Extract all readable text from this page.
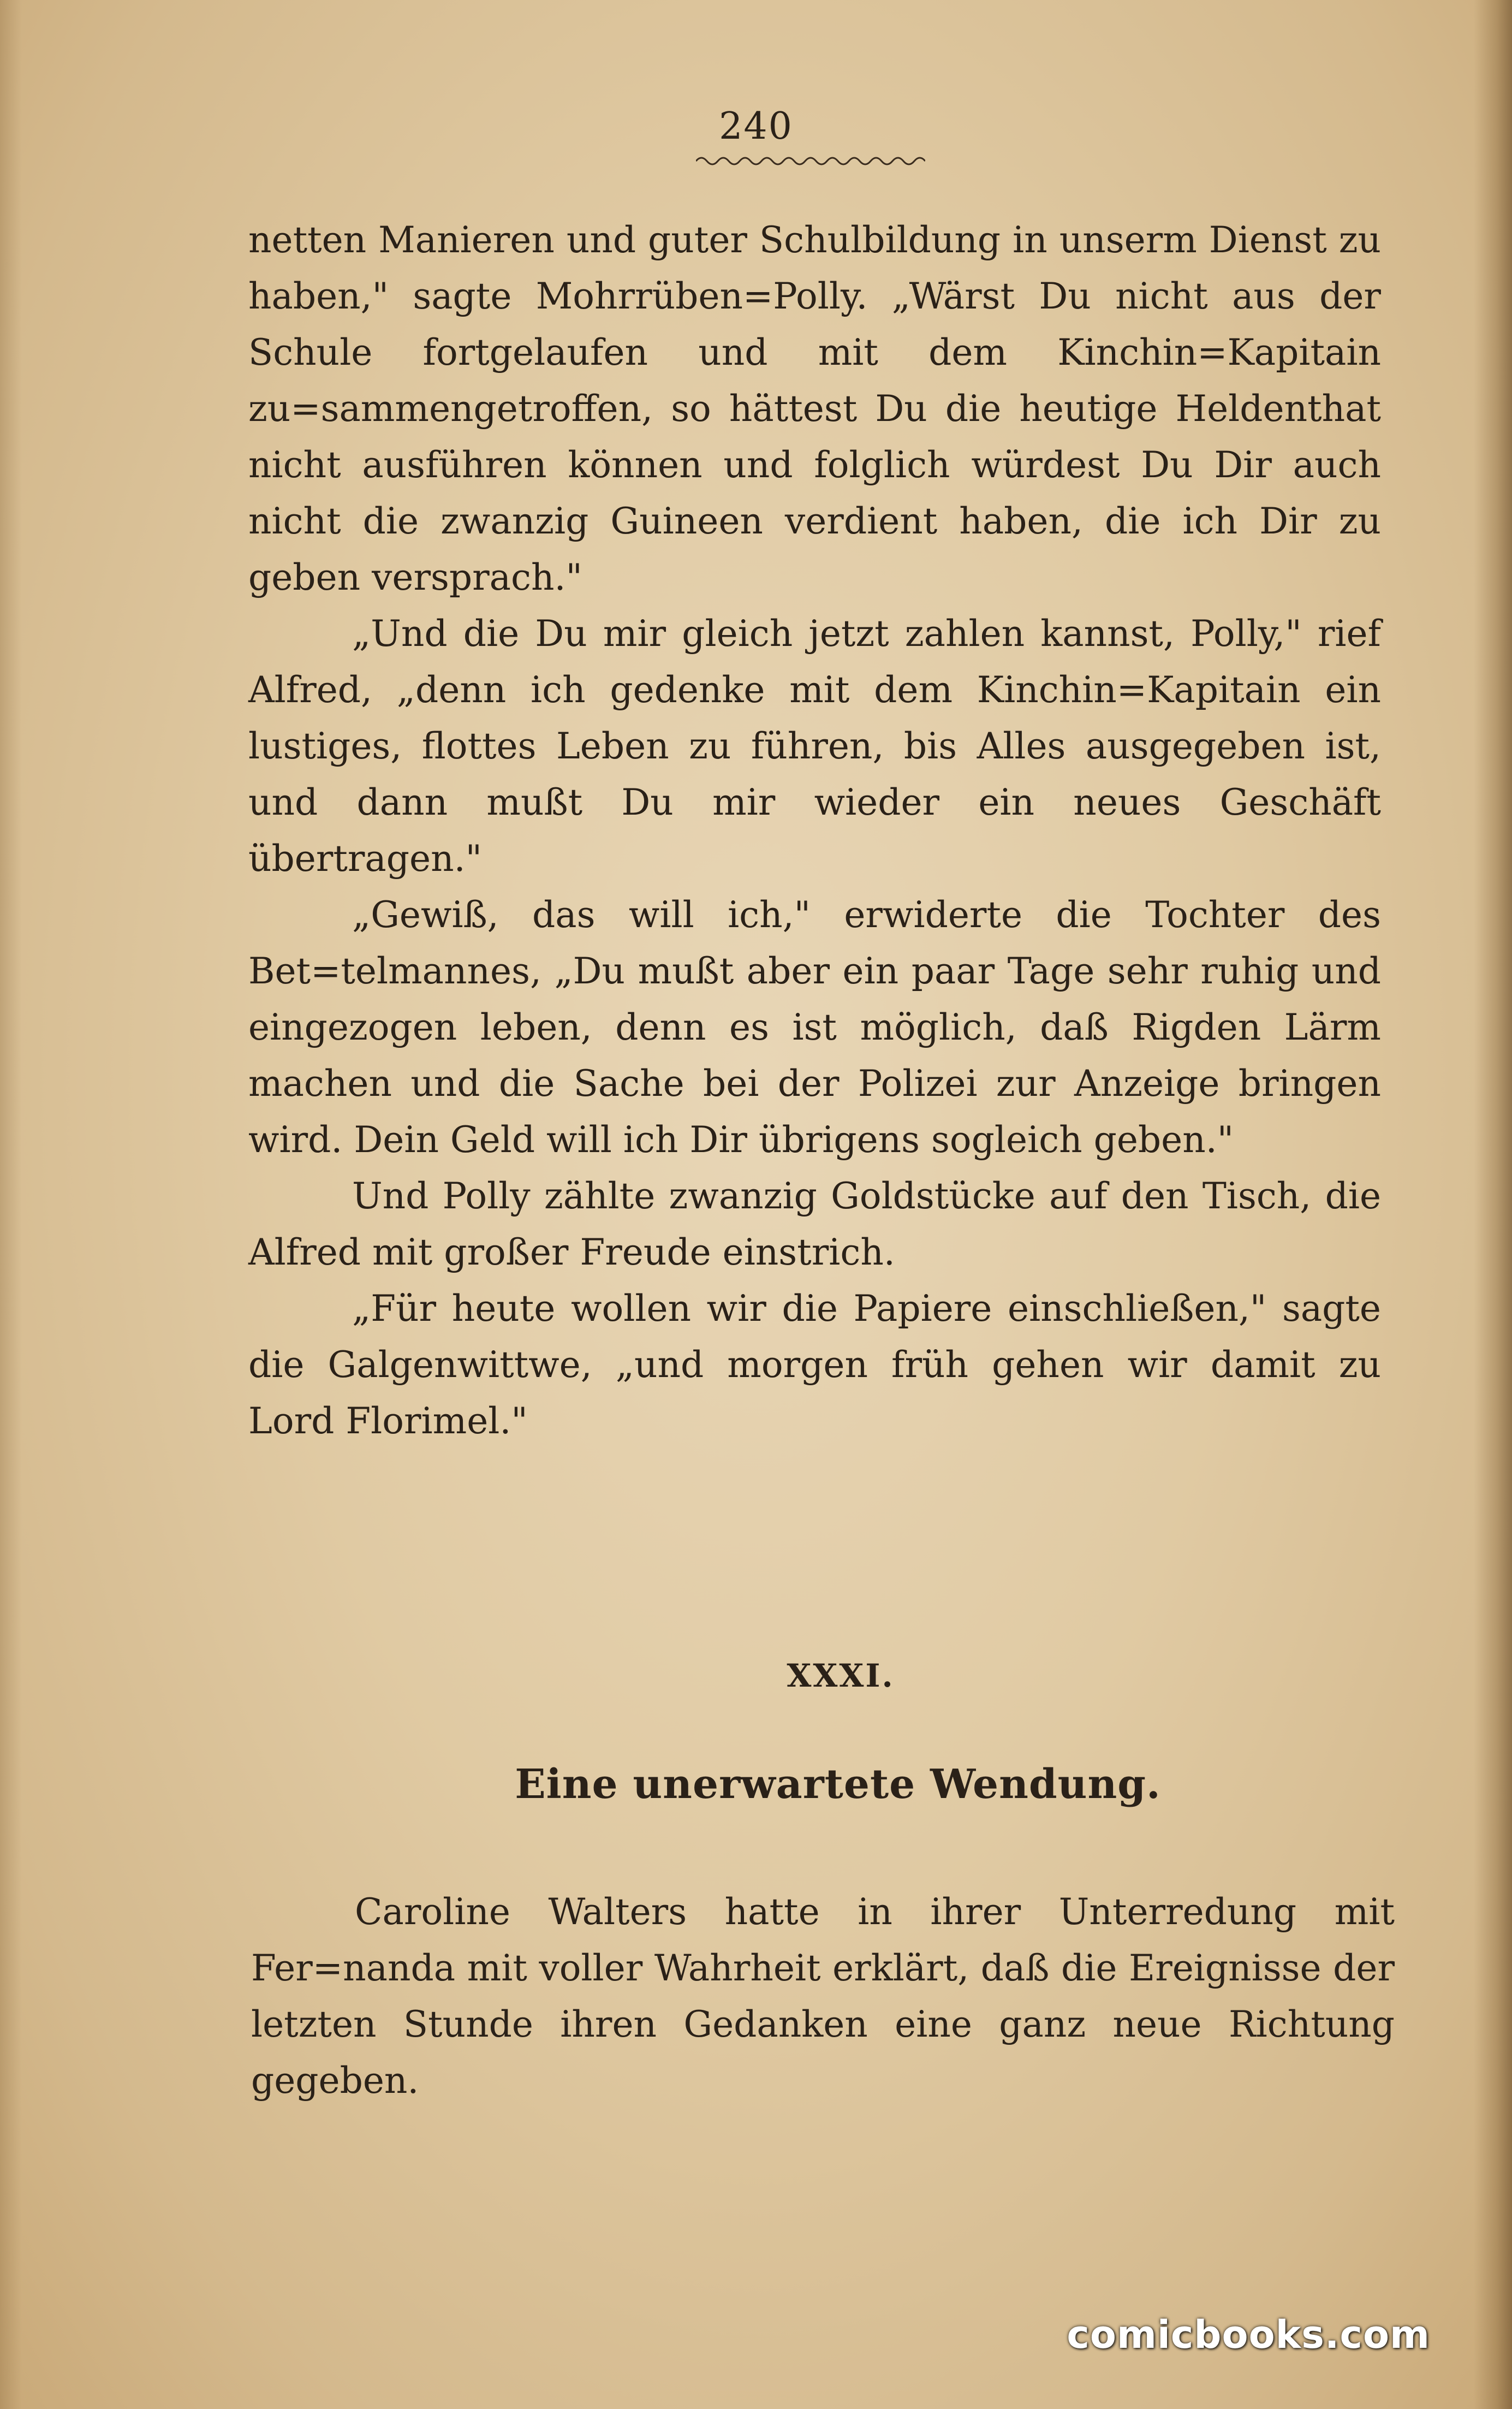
240

netten Manieren und guter Schulbildung in unserm Dienst zu haben," sagte Mohrrüben=Polly. „Wärst Du nicht aus der Schule fortgelaufen und mit dem Kinchin=Kapitain zu=sammengetroffen, so hättest Du die heutige Heldenthat nicht ausführen können und folglich würdest Du Dir auch nicht die zwanzig Guineen verdient haben, die ich Dir zu geben versprach."

„Und die Du mir gleich jetzt zahlen kannst, Polly," rief Alfred, „denn ich gedenke mit dem Kinchin=Kapitain ein lustiges, flottes Leben zu führen, bis Alles ausgegeben ist, und dann mußt Du mir wieder ein neues Geschäft übertragen."

„Gewiß, das will ich," erwiderte die Tochter des Bet=telmannes, „Du mußt aber ein paar Tage sehr ruhig und eingezogen leben, denn es ist möglich, daß Rigden Lärm machen und die Sache bei der Polizei zur Anzeige bringen wird. Dein Geld will ich Dir übrigens sogleich geben."

Und Polly zählte zwanzig Goldstücke auf den Tisch, die Alfred mit großer Freude einstrich.

„Für heute wollen wir die Papiere einschließen," sagte die Galgenwittwe, „und morgen früh gehen wir damit zu Lord Florimel."

XXXI.
Eine unerwartete Wendung.

Caroline Walters hatte in ihrer Unterredung mit Fer=nanda mit voller Wahrheit erklärt, daß die Ereignisse der letzten Stunde ihren Gedanken eine ganz neue Richtung gegeben.

comicbooks.com
